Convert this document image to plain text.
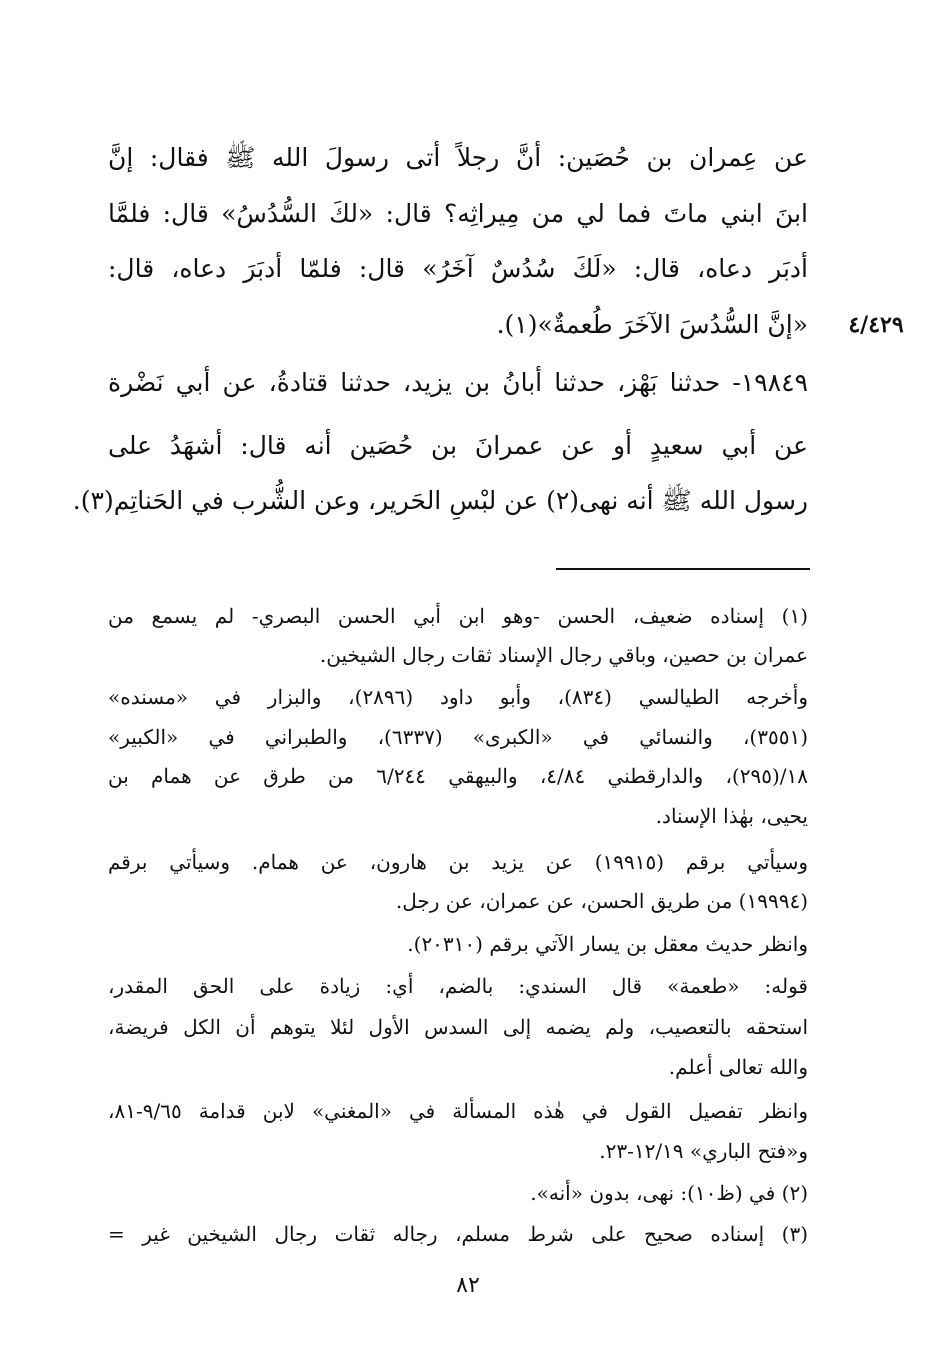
عن عِمران بن حُصَين: أنَّ رجلاً أتى رسولَ الله ﷺ فقال: إنَّ

ابنَ ابني ماتَ فما لي من مِيراثِه؟ قال: «لكَ السُّدُسُ» قال: فلمَّا

أدبَر دعاه، قال: «لَكَ سُدُسٌ آخَرُ» قال: فلمّا أدبَرَ دعاه، قال:

«إنَّ السُّدُسَ الآخَرَ طُعمةٌ»(١).	٤/٤٢٩

١٩٨٤٩- حدثنا بَهْز، حدثنا أبانُ بن يزيد، حدثنا قتادةُ، عن أبي نَضْرة

عن أبي سعيدٍ أو عن عمرانَ بن حُصَين أنه قال: أشهَدُ على

رسول الله ﷺ أنه نهى(٢) عن لبْسِ الحَرير، وعن الشُّرب في الحَناتِم(٣).

(١) إسناده ضعيف، الحسن -وهو ابن أبي الحسن البصري- لم يسمع من

عمران بن حصين، وباقي رجال الإسناد ثقات رجال الشيخين.

وأخرجه الطيالسي (٨٣٤)، وأبو داود (٢٨٩٦)، والبزار في «مسنده»

(٣٥٥١)، والنسائي في «الكبرى» (٦٣٣٧)، والطبراني في «الكبير»

١٨/(٢٩٥)، والدارقطني ٤/٨٤، والبيهقي ٦/٢٤٤ من طرق عن همام بن

يحيى، بهٰذا الإسناد.

وسيأتي برقم (١٩٩١٥) عن يزيد بن هارون، عن همام. وسيأتي برقم

(١٩٩٩٤) من طريق الحسن، عن عمران، عن رجل.

وانظر حديث معقل بن يسار الآتي برقم (٢٠٣١٠).

قوله: «طعمة» قال السندي: بالضم، أي: زيادة على الحق المقدر،

استحقه بالتعصيب، ولم يضمه إلى السدس الأول لئلا يتوهم أن الكل فريضة،

والله تعالى أعلم.

وانظر تفصيل القول في هٰذه المسألة في «المغني» لابن قدامة ٩/٦٥-٨١،

و«فتح الباري» ١٢/١٩-٢٣.

(٢) في (ظ١٠): نهى، بدون «أنه».

(٣) إسناده صحيح على شرط مسلم، رجاله ثقات رجال الشيخين غير =

٨٢
